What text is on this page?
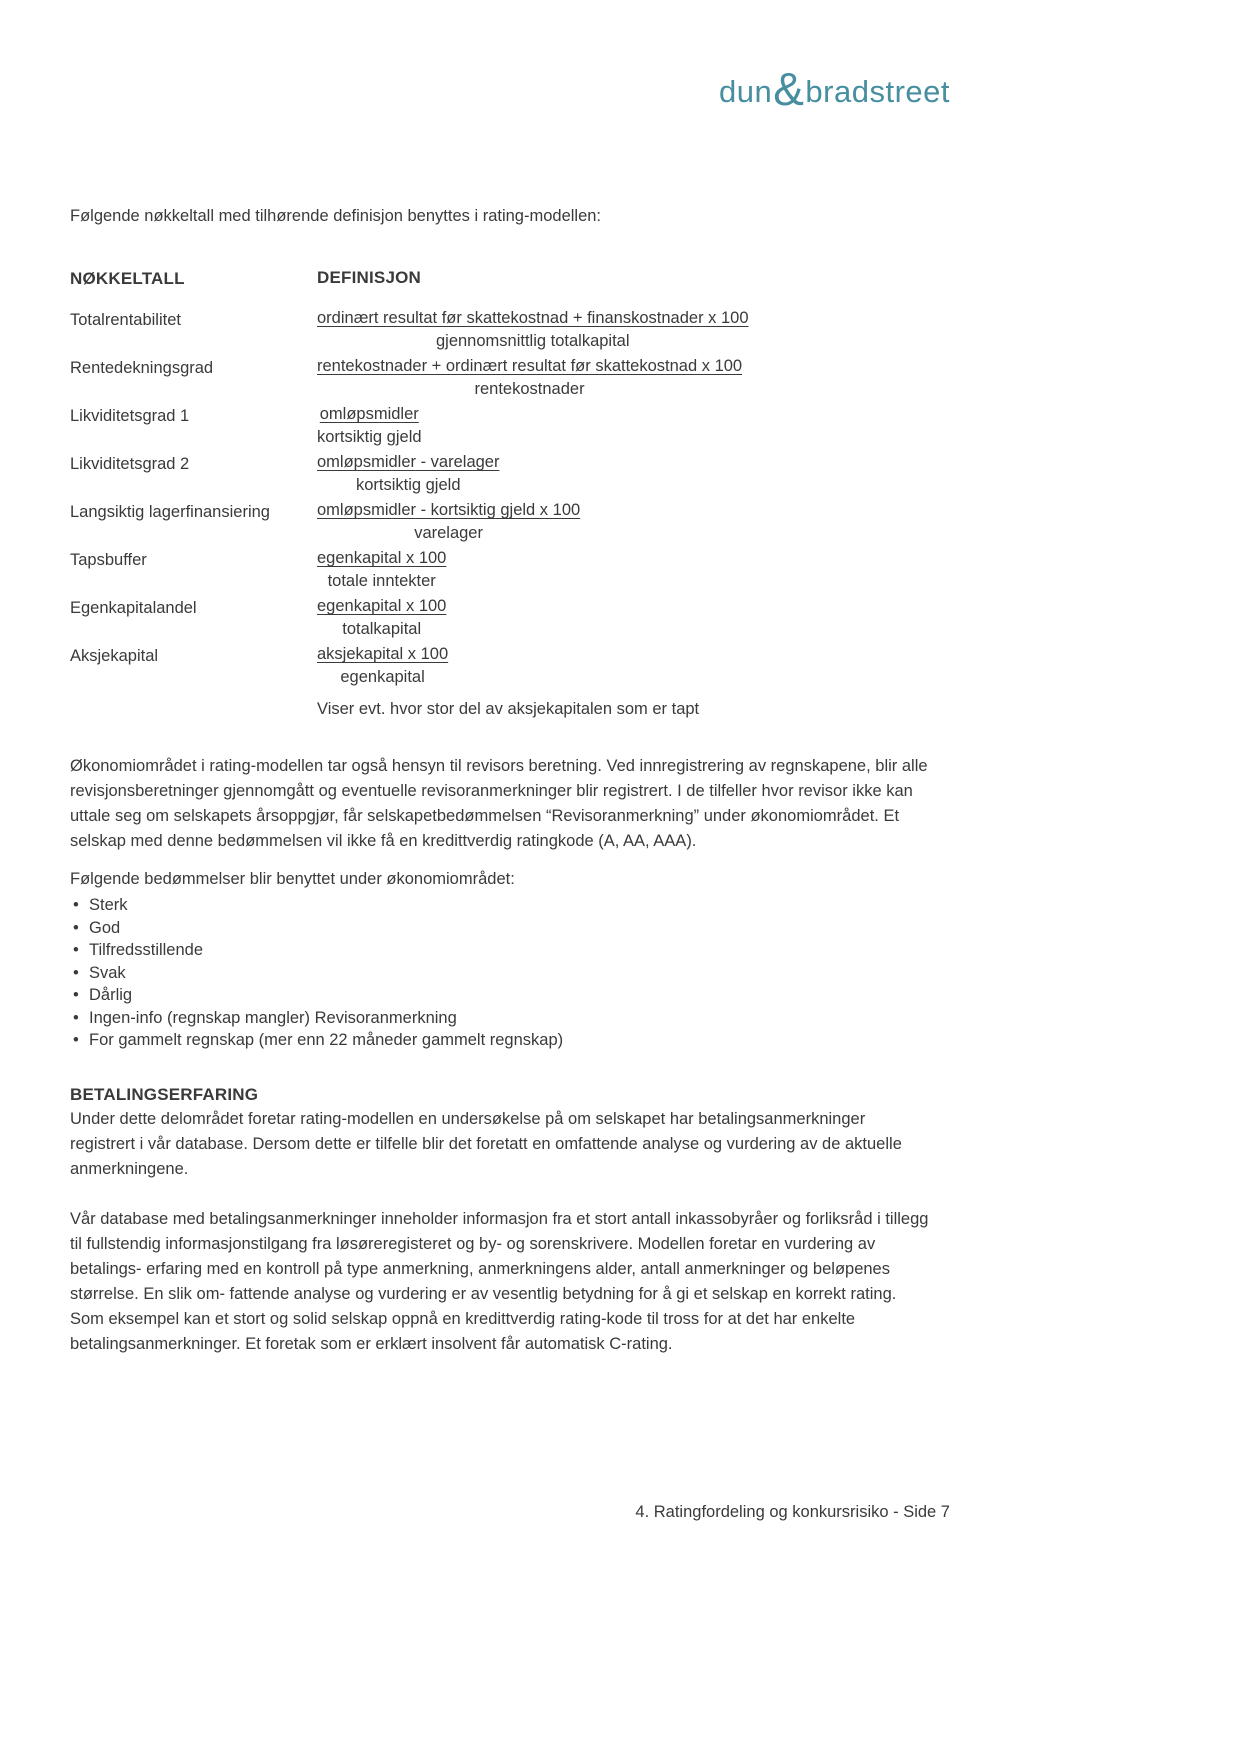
dun & bradstreet

Følgende nøkkeltall med tilhørende definisjon benyttes i rating-modellen:

NØKKELTALL	DEFINISJON
Totalrentabilitet	$\frac{\text{ordinært resultat før skattekostnad + finanskostnader x 100}}{\text{gjennomsnittlig totalkapital}}$
Rentedekningsgrad	$\frac{\text{rentekostnader + ordinært resultat før skattekostnad x 100}}{\text{rentekostnader}}$
Likviditetsgrad 1	$\frac{\text{omløpsmidler}}{\text{kortsiktig gjeld}}$
Likviditetsgrad 2	$\frac{\text{omløpsmidler - varelager}}{\text{kortsiktig gjeld}}$
Langsiktig lagerfinansiering	$\frac{\text{omløpsmidler - kortsiktig gjeld x 100}}{\text{varelager}}$
Tapsbuffer	$\frac{\text{egenkapital x 100}}{\text{totale inntekter}}$
Egenkapitalandel	$\frac{\text{egenkapital x 100}}{\text{totalkapital}}$
Aksjekapital	$\frac{\text{aksjekapital x 100}}{\text{egenkapital}}$
Viser evt. hvor stor del av aksjekapitalen som er tapt

Økonomiområdet i rating-modellen tar også hensyn til revisors beretning. Ved innregistrering av regnskapene, blir alle revisjonsberetninger gjennomgått og eventuelle revisoranmerkninger blir registrert. I de tilfeller hvor revisor ikke kan uttale seg om selskapets årsoppgjør, får selskapetbedømmelsen “Revisoranmerkning” under økonomiområdet. Et selskap med denne bedømmelsen vil ikke få en kredittverdig ratingkode (A, AA, AAA).

Følgende bedømmelser blir benyttet under økonomiområdet:

• Sterk
• God
• Tilfredsstillende
• Svak
• Dårlig
• Ingen-info (regnskap mangler) Revisoranmerkning
• For gammelt regnskap (mer enn 22 måneder gammelt regnskap)
BETALINGSERFARING

Under dette delområdet foretar rating-modellen en undersøkelse på om selskapet har betalingsanmerkninger registrert i vår database. Dersom dette er tilfelle blir det foretatt en omfattende analyse og vurdering av de aktuelle anmerkningene.

Vår database med betalingsanmerkninger inneholder informasjon fra et stort antall inkassobyråer og forliksråd i tillegg til fullstendig informasjonstilgang fra løsøreregisteret og by- og sorenskrivere. Modellen foretar en vurdering av betalings- erfaring med en kontroll på type anmerkning, anmerkningens alder, antall anmerkninger og beløpenes størrelse. En slik om- fattende analyse og vurdering er av vesentlig betydning for å gi et selskap en korrekt rating. Som eksempel kan et stort og solid selskap oppnå en kredittverdig rating-kode til tross for at det har enkelte betalingsanmerkninger. Et foretak som er erklært insolvent får automatisk C-rating.

4. Ratingfordeling og konkursrisiko - Side 7
